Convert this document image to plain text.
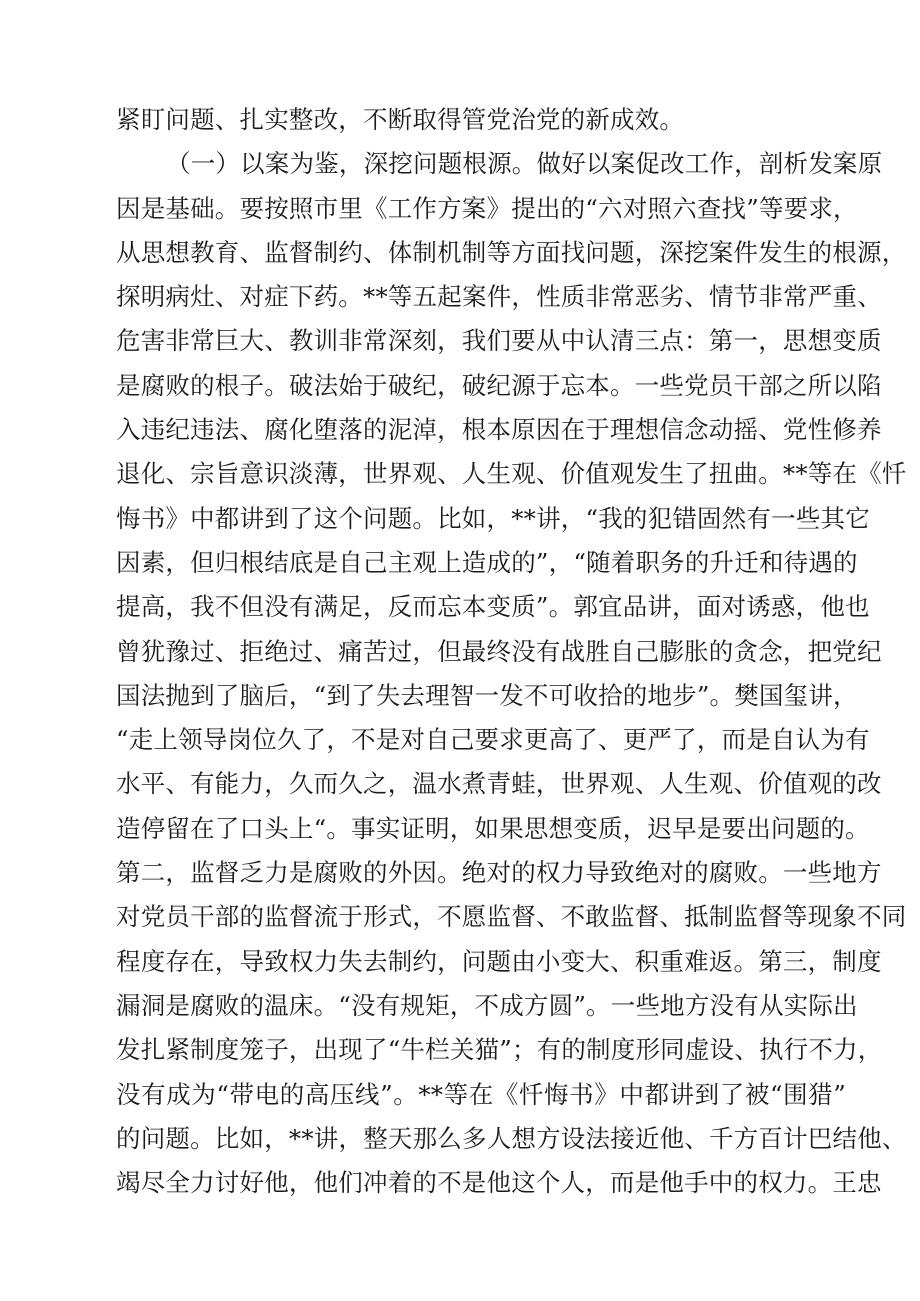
紧盯问题、扎实整改，不断取得管党治党的新成效。
（一）以案为鉴，深挖问题根源。做好以案促改工作，剖析发案原
因是基础。要按照市里《工作方案》提出的“六对照六查找”等要求，
从思想教育、监督制约、体制机制等方面找问题，深挖案件发生的根源，
探明病灶、对症下药。**等五起案件，性质非常恶劣、情节非常严重、
危害非常巨大、教训非常深刻，我们要从中认清三点：第一，思想变质
是腐败的根子。破法始于破纪，破纪源于忘本。一些党员干部之所以陷
入违纪违法、腐化堕落的泥淖，根本原因在于理想信念动摇、党性修养
退化、宗旨意识淡薄，世界观、人生观、价值观发生了扭曲。**等在《忏
悔书》中都讲到了这个问题。比如，**讲，“我的犯错固然有一些其它
因素，但归根结底是自己主观上造成的”，“随着职务的升迁和待遇的
提高，我不但没有满足，反而忘本变质”。郭宜品讲，面对诱惑，他也
曾犹豫过、拒绝过、痛苦过，但最终没有战胜自己膨胀的贪念，把党纪
国法抛到了脑后，“到了失去理智一发不可收拾的地步”。樊国玺讲，
“走上领导岗位久了，不是对自己要求更高了、更严了，而是自认为有
水平、有能力，久而久之，温水煮青蛙，世界观、人生观、价值观的改
造停留在了口头上“。事实证明，如果思想变质，迟早是要出问题的。
第二，监督乏力是腐败的外因。绝对的权力导致绝对的腐败。一些地方
对党员干部的监督流于形式，不愿监督、不敢监督、抵制监督等现象不同
程度存在，导致权力失去制约，问题由小变大、积重难返。第三，制度
漏洞是腐败的温床。“没有规矩，不成方圆”。一些地方没有从实际出
发扎紧制度笼子，出现了“牛栏关猫”；有的制度形同虚设、执行不力，
没有成为“带电的高压线”。**等在《忏悔书》中都讲到了被“围猎”
的问题。比如，**讲，整天那么多人想方设法接近他、千方百计巴结他、
竭尽全力讨好他，他们冲着的不是他这个人，而是他手中的权力。王忠
